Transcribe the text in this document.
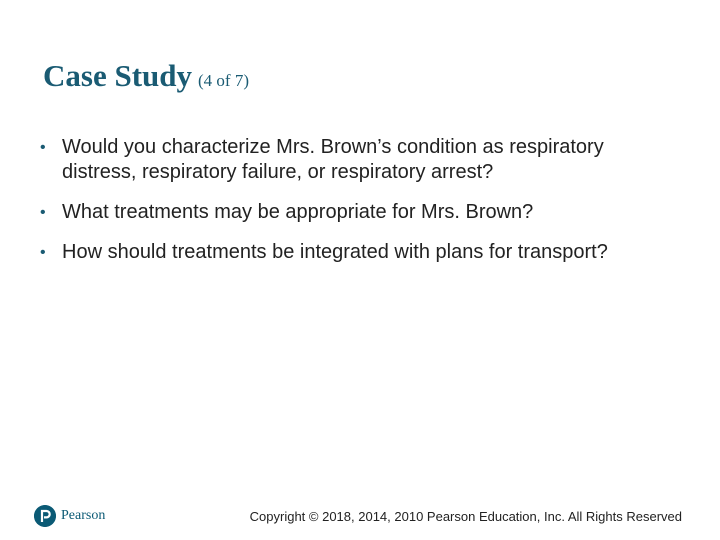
Case Study (4 of 7)
• Would you characterize Mrs. Brown’s condition as respiratory distress, respiratory failure, or respiratory arrest?
• What treatments may be appropriate for Mrs. Brown?
• How should treatments be integrated with plans for transport?
Pearson	Copyright © 2018, 2014, 2010 Pearson Education, Inc. All Rights Reserved
